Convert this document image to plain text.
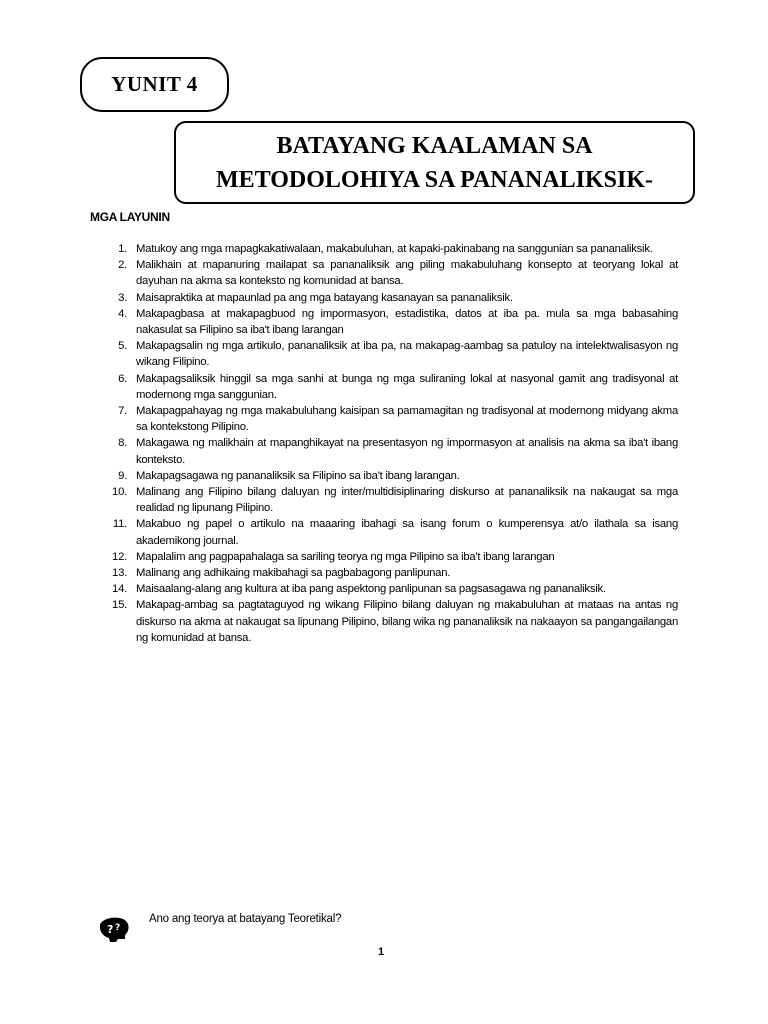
YUNIT 4
BATAYANG KAALAMAN SA
METODOLOHIYA SA PANANALIKSIK-
MGA LAYUNIN
1. Matukoy ang mga mapagkakatiwalaan, makabuluhan, at kapaki-pakinabang na sanggunian sa pananaliksik.
2. Malikhain at mapanuring mailapat sa pananaliksik ang piling makabuluhang konsepto at teoryang lokal at dayuhan na akma sa konteksto ng komunidad at bansa.
3. Maisapraktika at mapaunlad pa ang mga batayang kasanayan sa pananaliksik.
4. Makapagbasa at makapagbuod ng impormasyon, estadistika, datos at iba pa. mula sa mga babasahing nakasulat sa Filipino sa iba't ibang larangan
5. Makapagsalin ng mga artikulo, pananaliksik at iba pa, na makapag-aambag sa patuloy na intelektwalisasyon ng wikang Filipino.
6. Makapagsaliksik hinggil sa mga sanhi at bunga ng mga suliraning lokal at nasyonal gamit ang tradisyonal at modernong mga sanggunian.
7. Makapagpahayag ng mga makabuluhang kaisipan sa pamamagitan ng tradisyonal at modernong midyang akma sa kontekstong Pilipino.
8. Makagawa ng malikhain at mapanghikayat na presentasyon ng impormasyon at analisis na akma sa iba't ibang konteksto.
9. Makapagsagawa ng pananaliksik sa Filipino sa iba't ibang larangan.
10. Malinang ang Filipino bilang daluyan ng inter/multidisiplinaring diskurso at pananaliksik na nakaugat sa mga realidad ng lipunang Pilipino.
11. Makabuo ng papel o artikulo na maaaring ibahagi sa isang forum o kumperensya at/o ilathala sa isang akademikong journal.
12. Mapalalim ang pagpapahalaga sa sariling teorya ng mga Pilipino sa iba't ibang larangan
13. Malinang ang adhikaing makibahagi sa pagbabagong panlipunan.
14. Maisaalang-alang ang kultura at iba pang aspektong panlipunan sa pagsasagawa ng pananaliksik.
15. Makapag-ambag sa pagtataguyod ng wikang Filipino bilang daluyan ng makabuluhan at mataas na antas ng diskurso na akma at nakaugat sa lipunang Pilipino, bilang wika ng pananaliksik na nakaayon sa pangangailangan ng komunidad at bansa.
? ?
Ano ang teorya at batayang Teoretikal?
1
